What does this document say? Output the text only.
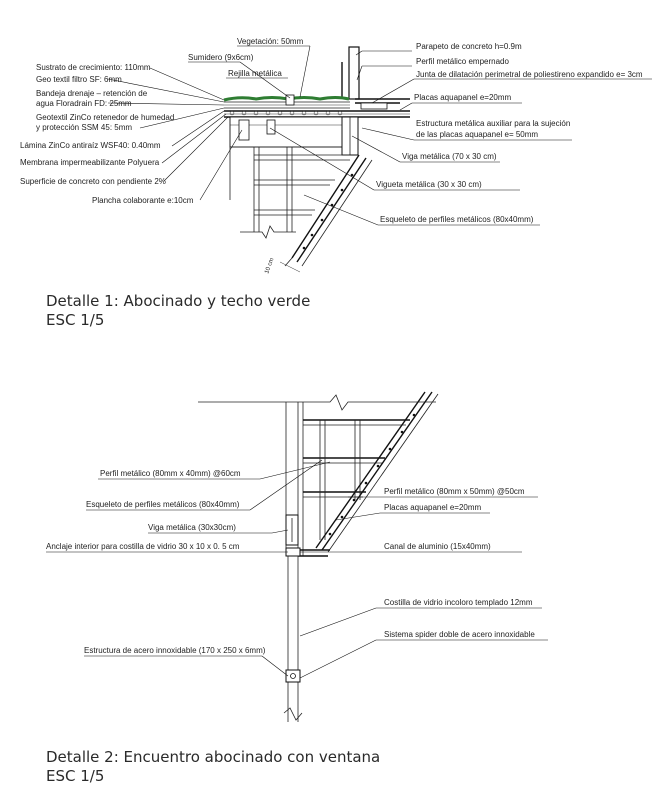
10 cm
Vegetación: 50mm
Sumidero (9x6cm)
Rejilla metálica
Sustrato de crecimiento: 110mm
Geo textil filtro SF: 6mm
Bandeja drenaje – retención de
agua Floradrain FD: 25mm
Geotextil ZinCo retenedor de humedad
y protección SSM 45: 5mm
Lámina ZinCo antiraíz WSF40: 0.40mm
Membrana impermeabilizante Polyuera
Superficie de concreto con pendiente 2%
Plancha colaborante e:10cm
Parapeto de concreto h=0.9m
Perfil metálico empernado
Junta de dilatación perimetral de poliestireno expandido e= 3cm
Placas aquapanel e=20mm
Estructura metálica auxiliar para la sujeción
de las placas aquapanel e= 50mm
Viga metálica (70 x 30 cm)
Vigueta metálica (30 x 30 cm)
Esqueleto de perfiles metálicos (80x40mm)
Perfil metálico (80mm x 40mm) @60cm
Esqueleto de perfiles metálicos (80x40mm)
Perfil metálico (80mm x 50mm) @50cm
Placas aquapanel e=20mm
Viga metálica (30x30cm)
Anclaje interior para costilla de vidrio 30 x 10 x 0. 5 cm	Canal de aluminio (15x40mm)
Costilla de vidrio incoloro templado 12mm
Sistema spider doble de acero innoxidable
Estructura de acero innoxidable (170 x 250 x 6mm)
Detalle 1: Abocinado y techo verde
ESC 1/5
Detalle 2: Encuentro abocinado con ventana
ESC 1/5
